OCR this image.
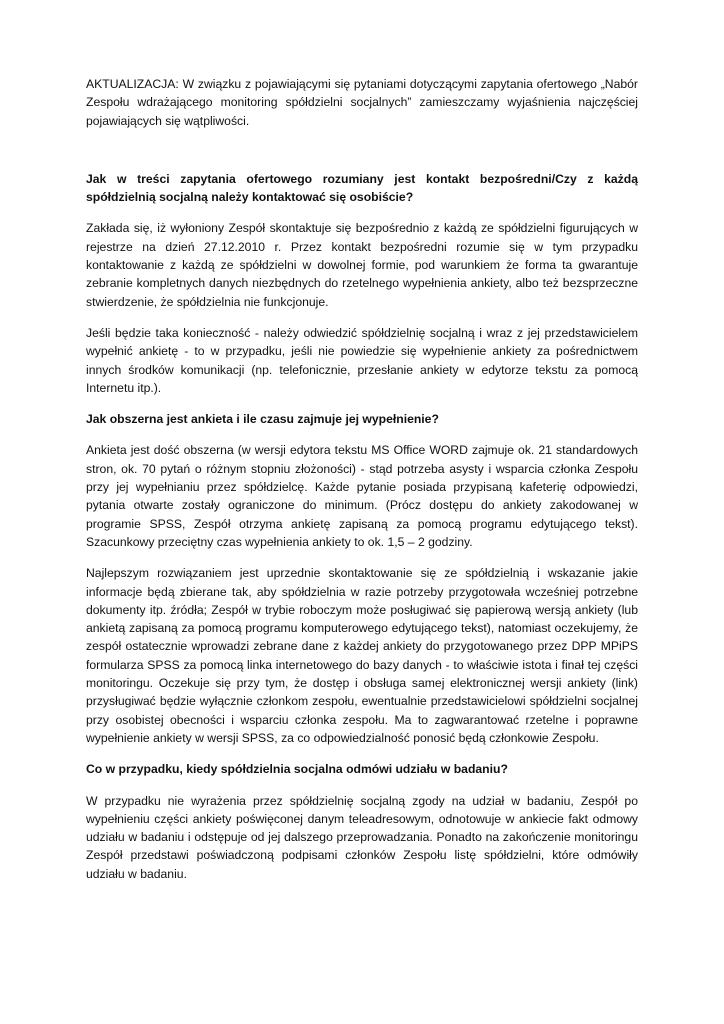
AKTUALIZACJA: W związku z pojawiającymi się pytaniami dotyczącymi zapytania ofertowego „Nabór Zespołu wdrażającego monitoring spółdzielni socjalnych” zamieszczamy wyjaśnienia najczęściej pojawiających się wątpliwości.

Jak w treści zapytania ofertowego rozumiany jest kontakt bezpośredni/Czy z każdą spółdzielnią socjalną należy kontaktować się osobiście?

Zakłada się, iż wyłoniony Zespół skontaktuje się bezpośrednio z każdą ze spółdzielni figurujących w rejestrze na dzień 27.12.2010 r. Przez kontakt bezpośredni rozumie się w tym przypadku kontaktowanie z każdą ze spółdzielni w dowolnej formie, pod warunkiem że forma ta gwarantuje zebranie kompletnych danych niezbędnych do rzetelnego wypełnienia ankiety, albo też bezsprzeczne stwierdzenie, że spółdzielnia nie funkcjonuje.

Jeśli będzie taka konieczność - należy odwiedzić spółdzielnię socjalną i wraz z jej przedstawicielem wypełnić ankietę - to w przypadku, jeśli nie powiedzie się wypełnienie ankiety za pośrednictwem innych środków komunikacji (np. telefonicznie, przesłanie ankiety w edytorze tekstu za pomocą Internetu itp.).

Jak obszerna jest ankieta i ile czasu zajmuje jej wypełnienie?

Ankieta jest dość obszerna (w wersji edytora tekstu MS Office WORD zajmuje ok. 21 standardowych stron, ok. 70 pytań o różnym stopniu złożoności) - stąd potrzeba asysty i wsparcia członka Zespołu przy jej wypełnianiu przez spółdzielcę. Każde pytanie posiada przypisaną kafeterię odpowiedzi, pytania otwarte zostały ograniczone do minimum. (Prócz dostępu do ankiety zakodowanej w programie SPSS, Zespół otrzyma ankietę zapisaną za pomocą programu edytującego tekst). Szacunkowy przeciętny czas wypełnienia ankiety to ok. 1,5 – 2 godziny.

Najlepszym rozwiązaniem jest uprzednie skontaktowanie się ze spółdzielnią i wskazanie jakie informacje będą zbierane tak, aby spółdzielnia w razie potrzeby przygotowała wcześniej potrzebne dokumenty itp. źródła; Zespół w trybie roboczym może posługiwać się papierową wersją ankiety (lub ankietą zapisaną za pomocą programu komputerowego edytującego tekst), natomiast oczekujemy, że zespół ostatecznie wprowadzi zebrane dane z każdej ankiety do przygotowanego przez DPP MPiPS formularza SPSS za pomocą linka internetowego do bazy danych - to właściwie istota i finał tej części monitoringu. Oczekuje się przy tym, że dostęp i obsługa samej elektronicznej wersji ankiety (link) przysługiwać będzie wyłącznie członkom zespołu, ewentualnie przedstawicielowi spółdzielni socjalnej przy osobistej obecności i wsparciu członka zespołu. Ma to zagwarantować rzetelne i poprawne wypełnienie ankiety w wersji SPSS, za co odpowiedzialność ponosić będą członkowie Zespołu.

Co w przypadku, kiedy spółdzielnia socjalna odmówi udziału w badaniu?

W przypadku nie wyrażenia przez spółdzielnię socjalną zgody na udział w badaniu, Zespół po wypełnieniu części ankiety poświęconej danym teleadresowym, odnotowuje w ankiecie fakt odmowy udziału w badaniu i odstępuje od jej dalszego przeprowadzania. Ponadto na zakończenie monitoringu Zespół przedstawi poświadczoną podpisami członków Zespołu listę spółdzielni, które odmówiły udziału w badaniu.
